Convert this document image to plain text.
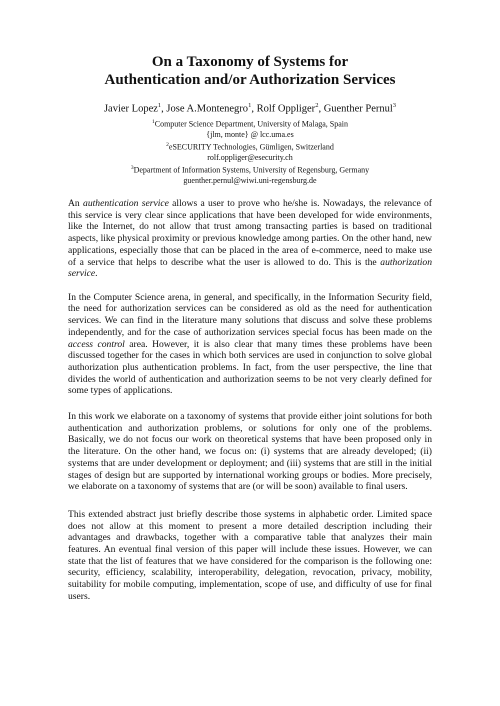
On a Taxonomy of Systems for
Authentication and/or Authorization Services
Javier Lopez$^1$, Jose A.Montenegro$^1$, Rolf Oppliger$^2$, Guenther Pernul$^3$
$^1$Computer Science Department, University of Malaga, Spain
{jlm, monte} @ lcc.uma.es
$^2$eSECURITY Technologies, Gümligen, Switzerland
rolf.oppliger@esecurity.ch
$^3$Department of Information Systems, University of Regensburg, Germany
guenther.pernul@wiwi.uni-regensburg.de

An authentication service allows a user to prove who he/she is. Nowadays, the relevance of this service is very clear since applications that have been developed for wide environments, like the Internet, do not allow that trust among transacting parties is based on traditional aspects, like physical proximity or previous knowledge among parties. On the other hand, new applications, especially those that can be placed in the area of e-commerce, need to make use of a service that helps to describe what the user is allowed to do. This is the authorization service.

In the Computer Science arena, in general, and specifically, in the Information Security field, the need for authorization services can be considered as old as the need for authentication services. We can find in the literature many solutions that discuss and solve these problems independently, and for the case of authorization services special focus has been made on the access control area. However, it is also clear that many times these problems have been discussed together for the cases in which both services are used in conjunction to solve global authorization plus authentication problems. In fact, from the user perspective, the line that divides the world of authentication and authorization seems to be not very clearly defined for some types of applications.

In this work we elaborate on a taxonomy of systems that provide either joint solutions for both authentication and authorization problems, or solutions for only one of the problems. Basically, we do not focus our work on theoretical systems that have been proposed only in the literature. On the other hand, we focus on: (i) systems that are already developed; (ii) systems that are under development or deployment; and (iii) systems that are still in the initial stages of design but are supported by international working groups or bodies. More precisely, we elaborate on a taxonomy of systems that are (or will be soon) available to final users.

This extended abstract just briefly describe those systems in alphabetic order. Limited space does not allow at this moment to present a more detailed description including their advantages and drawbacks, together with a comparative table that analyzes their main features. An eventual final version of this paper will include these issues. However, we can state that the list of features that we have considered for the comparison is the following one: security, efficiency, scalability, interoperability, delegation, revocation, privacy, mobility, suitability for mobile computing, implementation, scope of use, and difficulty of use for final users.
